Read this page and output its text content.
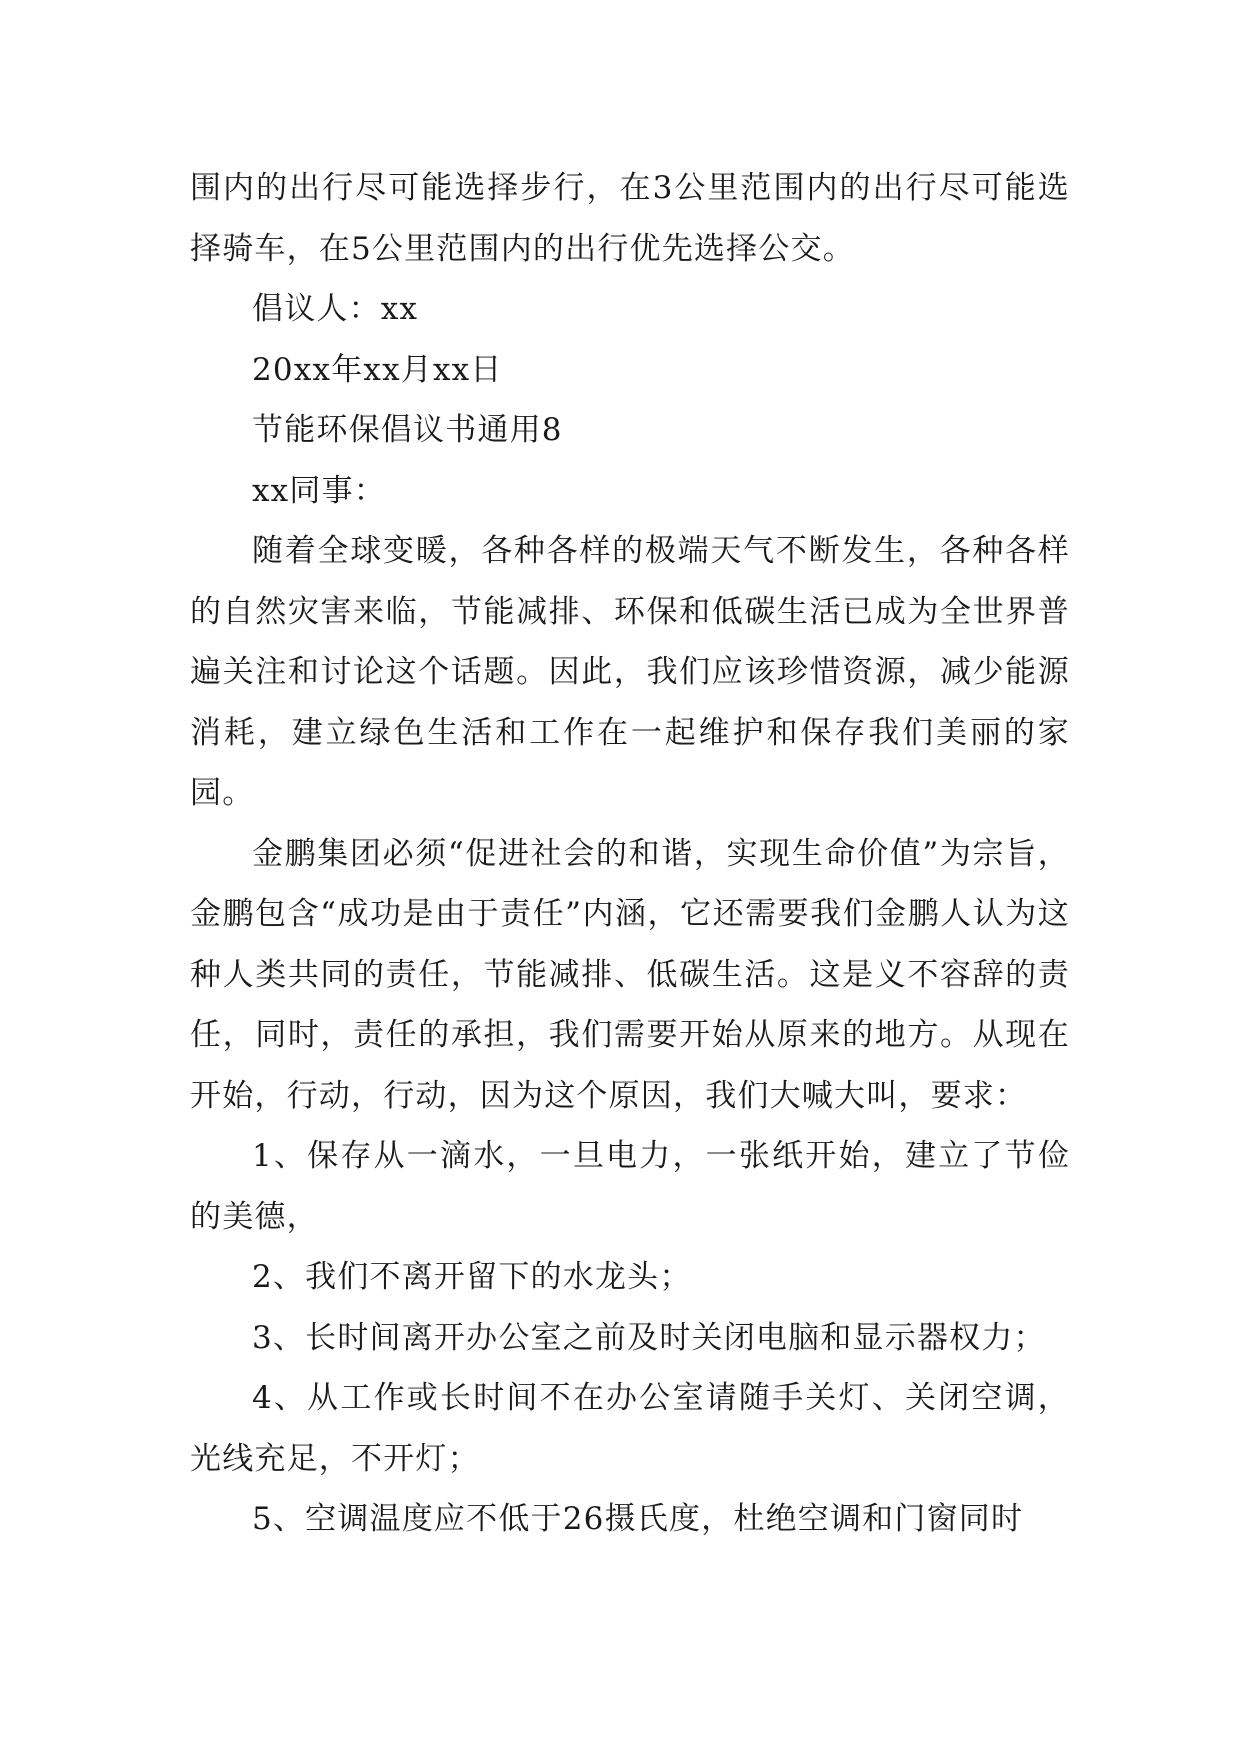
围内的出行尽可能选择步行，在3公里范围内的出行尽可能选择骑车，在5公里范围内的出行优先选择公交。

倡议人：xx

20xx年xx月xx日

节能环保倡议书通用8

xx同事：

随着全球变暖，各种各样的极端天气不断发生，各种各样的自然灾害来临，节能减排、环保和低碳生活已成为全世界普遍关注和讨论这个话题。因此，我们应该珍惜资源，减少能源消耗，建立绿色生活和工作在一起维护和保存我们美丽的家园。

金鹏集团必须“促进社会的和谐，实现生命价值”为宗旨，金鹏包含“成功是由于责任”内涵，它还需要我们金鹏人认为这种人类共同的责任，节能减排、低碳生活。这是义不容辞的责任，同时，责任的承担，我们需要开始从原来的地方。从现在开始，行动，行动，因为这个原因，我们大喊大叫，要求：

1、保存从一滴水，一旦电力，一张纸开始，建立了节俭的美德，

2、我们不离开留下的水龙头；

3、长时间离开办公室之前及时关闭电脑和显示器权力；

4、从工作或长时间不在办公室请随手关灯、关闭空调，光线充足，不开灯；

5、空调温度应不低于26摄氏度，杜绝空调和门窗同时
